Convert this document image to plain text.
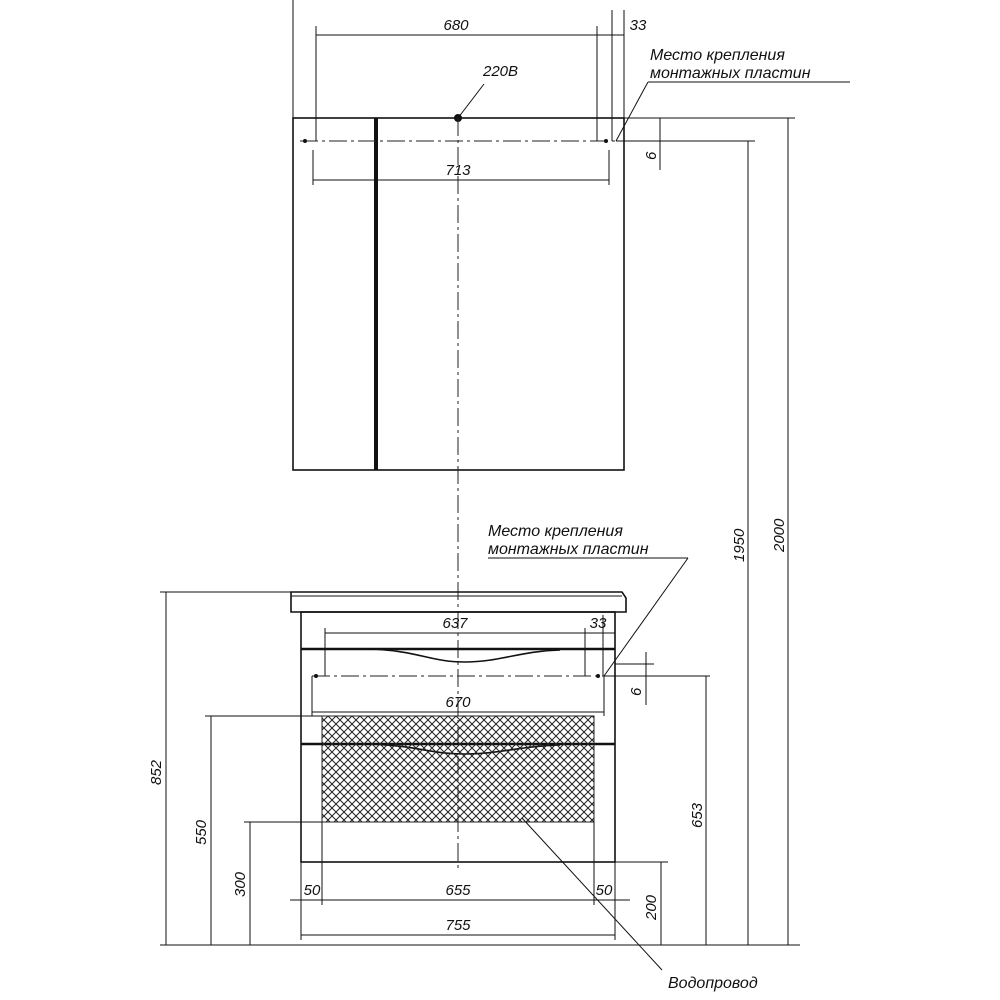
220В
680	33
713
6
Место крепления
монтажных пластин
637	33
670
6
Место крепления
монтажных пластин
50	655	50
755
Водопровод
852
550
300
653
200
1950 2000
